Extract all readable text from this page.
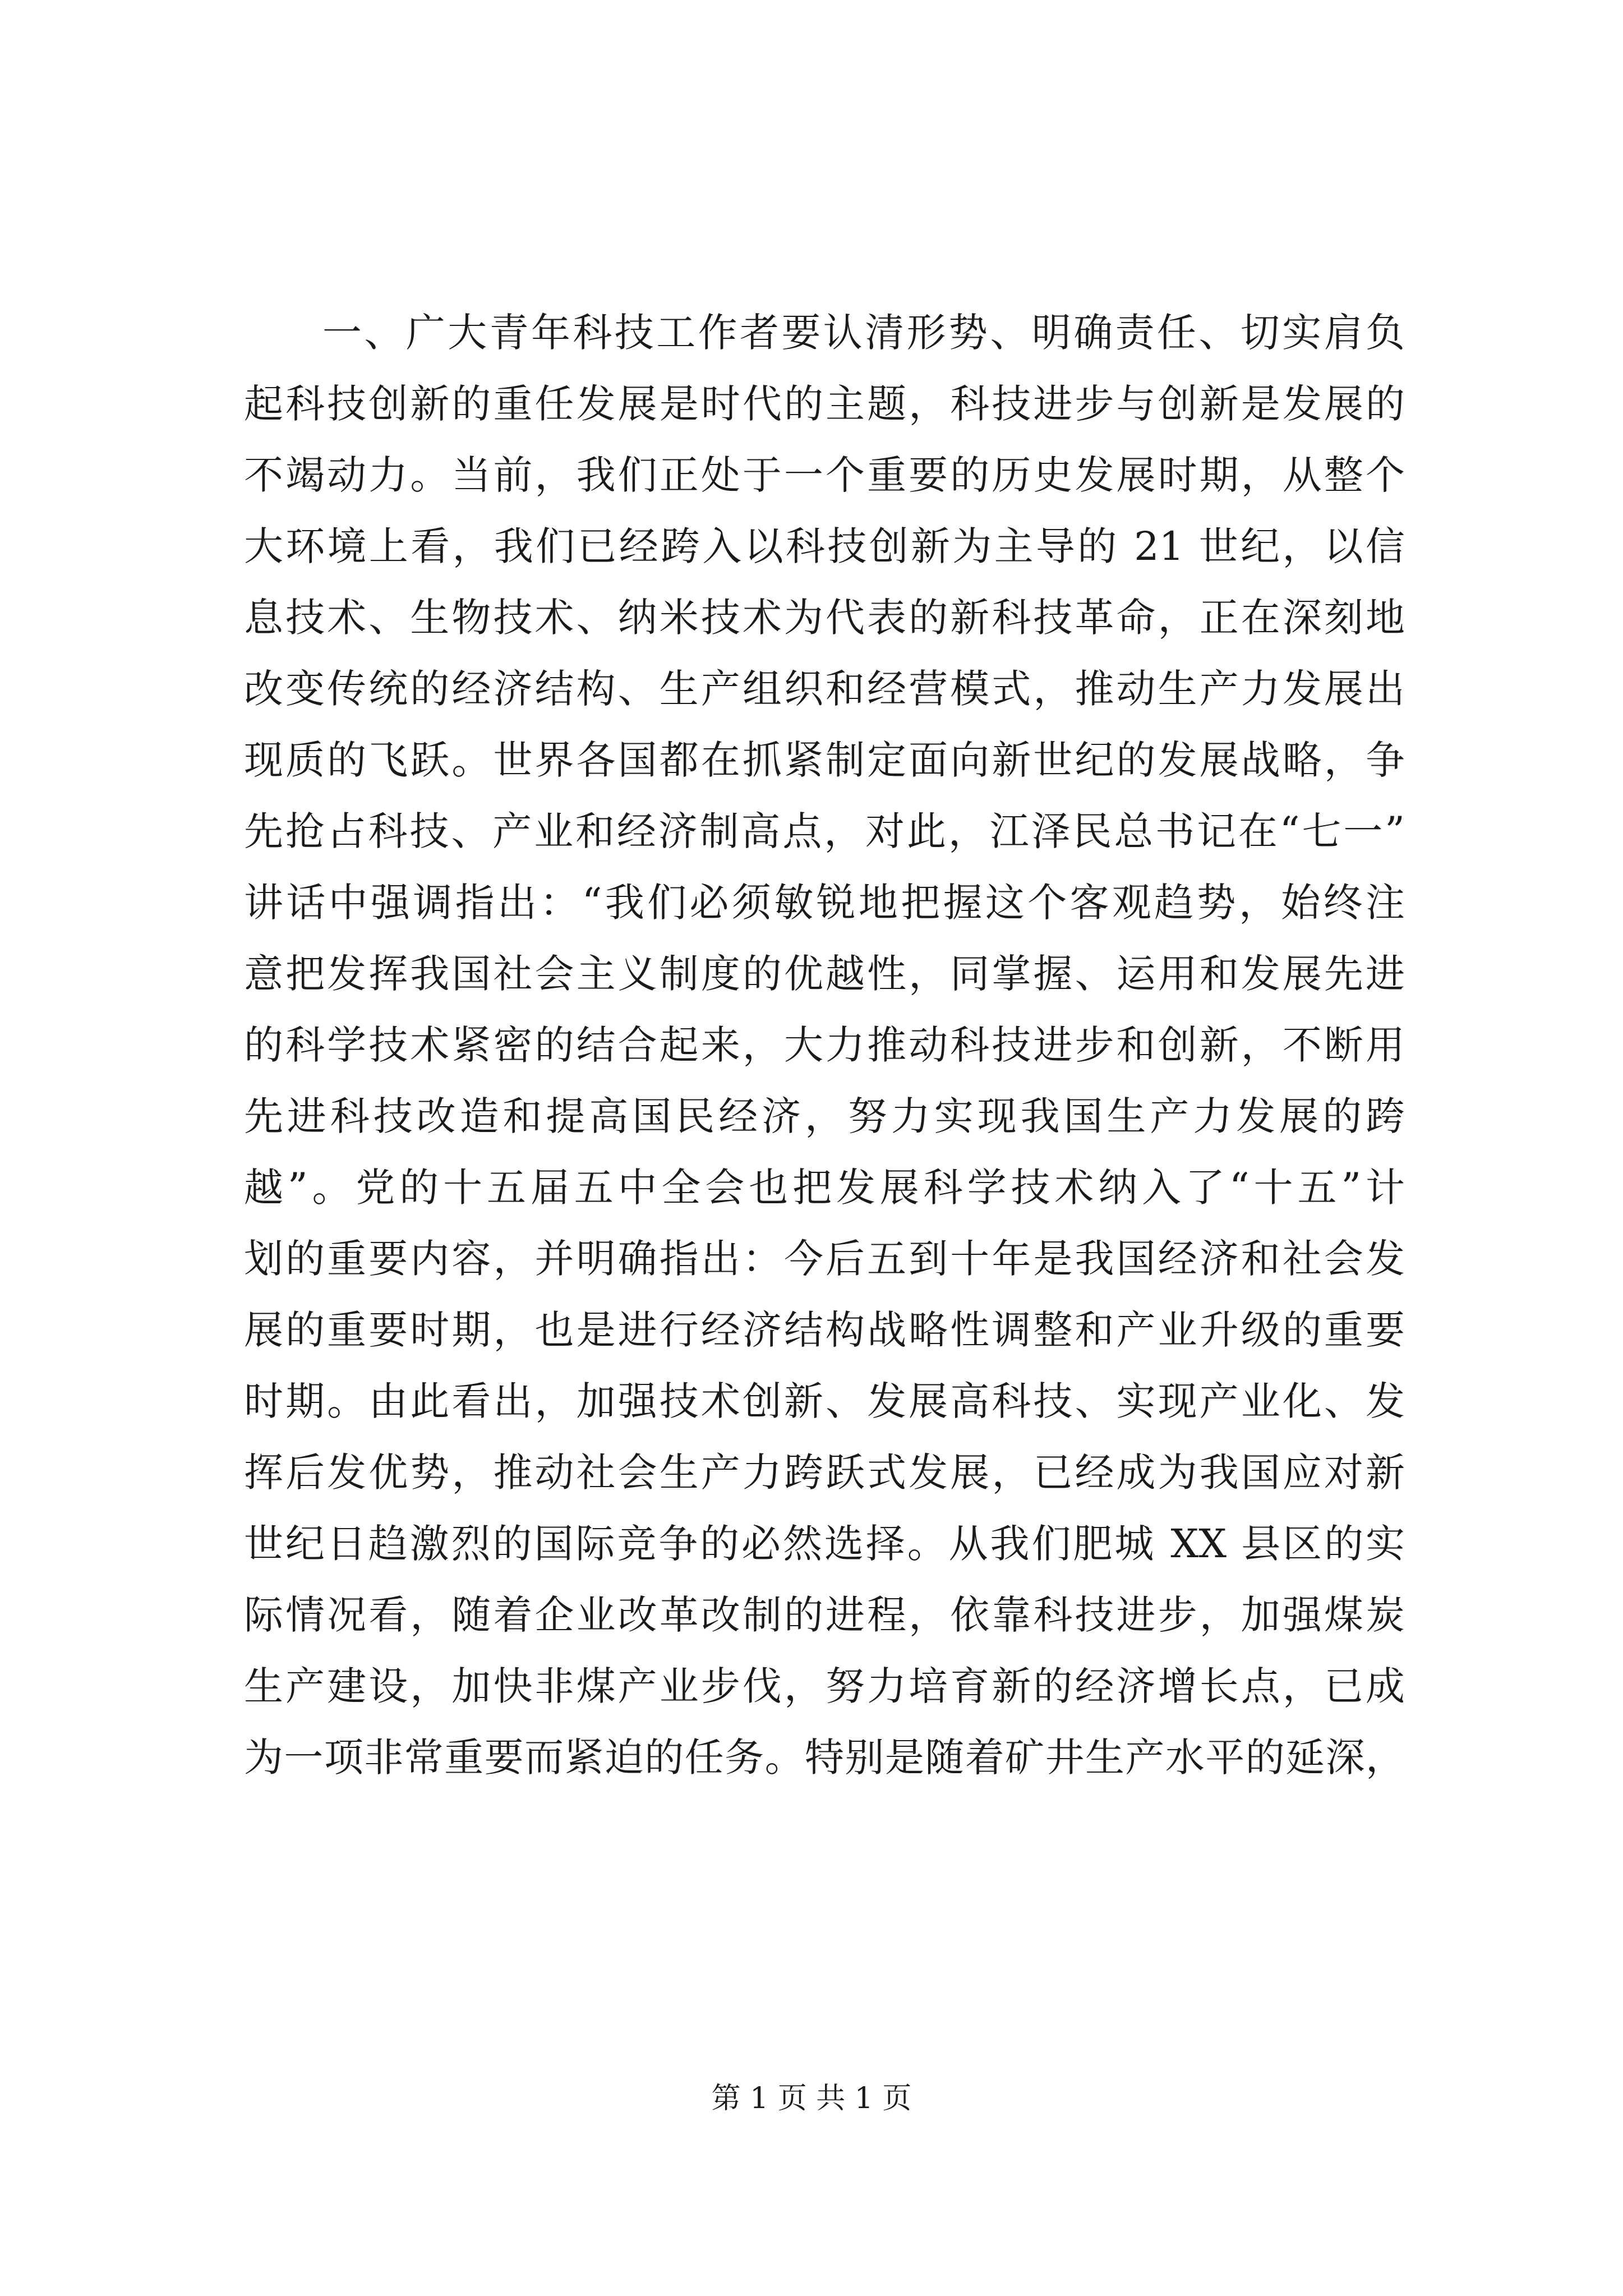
一、广大青年科技工作者要认清形势、明确责任、切实肩负
起科技创新的重任发展是时代的主题，科技进步与创新是发展的
不竭动力。当前，我们正处于一个重要的历史发展时期，从整个
大环境上看，我们已经跨入以科技创新为主导的 21 世纪，以信
息技术、生物技术、纳米技术为代表的新科技革命，正在深刻地
改变传统的经济结构、生产组织和经营模式，推动生产力发展出
现质的飞跃。世界各国都在抓紧制定面向新世纪的发展战略，争
先抢占科技、产业和经济制高点，对此，江泽民总书记在“七一”
讲话中强调指出：“我们必须敏锐地把握这个客观趋势，始终注
意把发挥我国社会主义制度的优越性，同掌握、运用和发展先进
的科学技术紧密的结合起来，大力推动科技进步和创新，不断用
先进科技改造和提高国民经济，努力实现我国生产力发展的跨
越”。党的十五届五中全会也把发展科学技术纳入了“十五”计
划的重要内容，并明确指出：今后五到十年是我国经济和社会发
展的重要时期，也是进行经济结构战略性调整和产业升级的重要
时期。由此看出，加强技术创新、发展高科技、实现产业化、发
挥后发优势，推动社会生产力跨跃式发展，已经成为我国应对新
世纪日趋激烈的国际竞争的必然选择。从我们肥城 XX 县区的实
际情况看，随着企业改革改制的进程，依靠科技进步，加强煤炭
生产建设，加快非煤产业步伐，努力培育新的经济增长点，已成
为一项非常重要而紧迫的任务。特别是随着矿井生产水平的延深，
第 1 页 共 1 页
